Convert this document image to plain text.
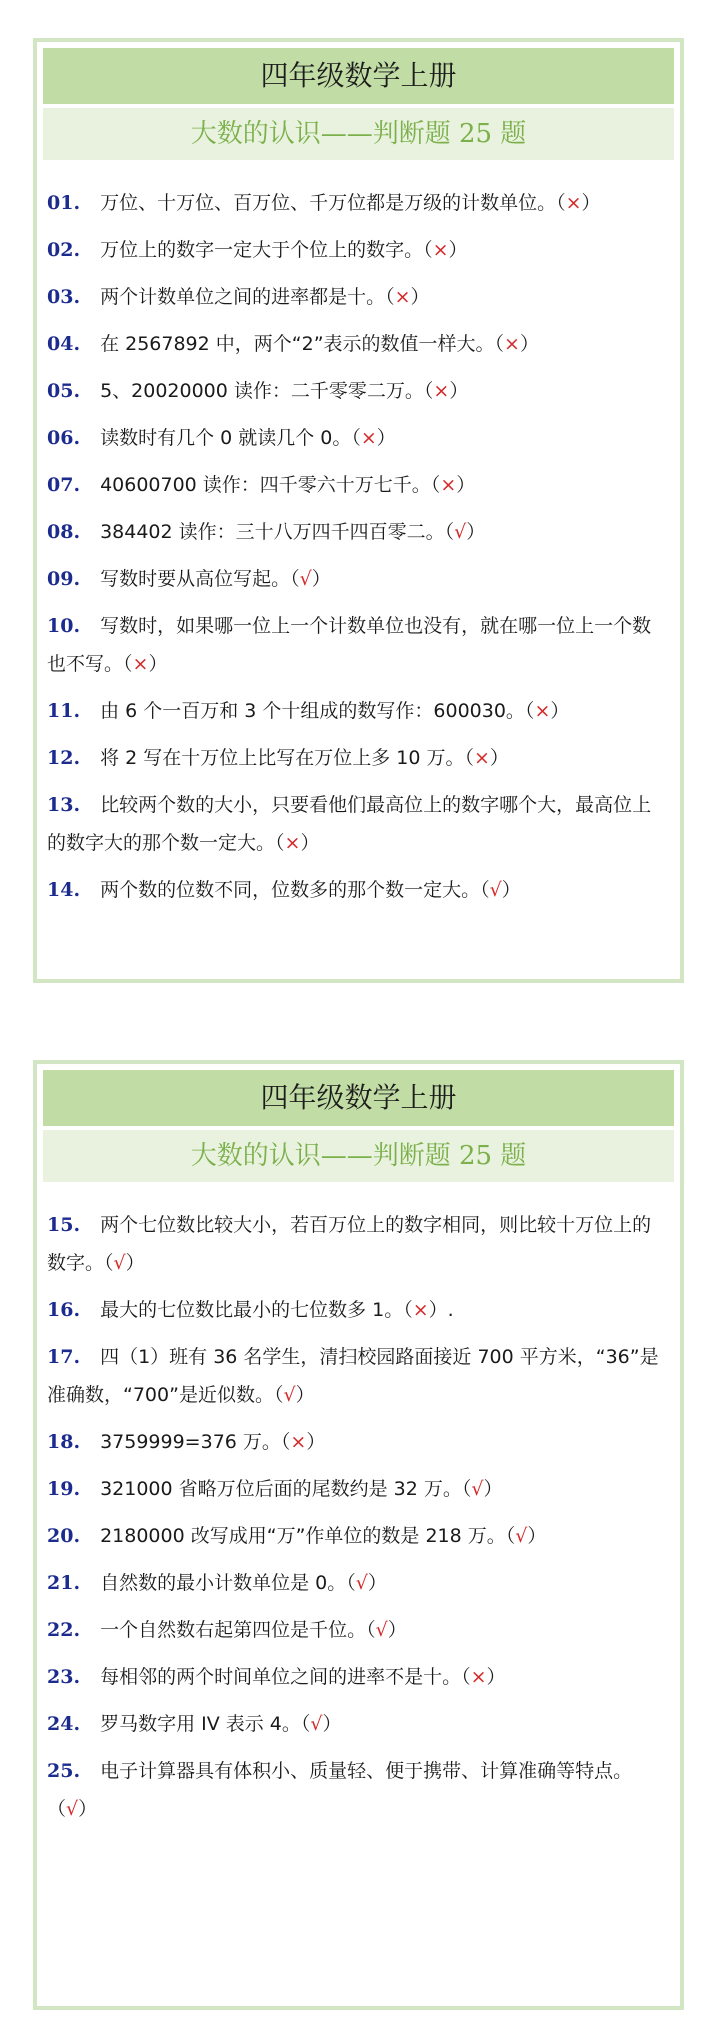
四年级数学上册
大数的认识——判断题 25 题
01. 万位、十万位、百万位、千万位都是万级的计数单位。（×）
02. 万位上的数字一定大于个位上的数字。（×）
03. 两个计数单位之间的进率都是十。（×）
04. 在 2567892 中，两个“2”表示的数值一样大。（×）
05. 5、20020000 读作：二千零零二万。（×）
06. 读数时有几个 0 就读几个 0。（×）
07. 40600700 读作：四千零六十万七千。（×）
08. 384402 读作：三十八万四千四百零二。（√）
09. 写数时要从高位写起。（√）
10. 写数时，如果哪一位上一个计数单位也没有，就在哪一位上一个数也不写。（×）
11. 由 6 个一百万和 3 个十组成的数写作：600030。（×）
12. 将 2 写在十万位上比写在万位上多 10 万。（×）
13. 比较两个数的大小，只要看他们最高位上的数字哪个大，最高位上的数字大的那个数一定大。（×）
14. 两个数的位数不同，位数多的那个数一定大。（√）
四年级数学上册
大数的认识——判断题 25 题
15. 两个七位数比较大小，若百万位上的数字相同，则比较十万位上的数字。（√）
16. 最大的七位数比最小的七位数多 1。（×）.
17. 四（1）班有 36 名学生，清扫校园路面接近 700 平方米，“36”是准确数，“700”是近似数。（√）
18. 3759999=376 万。（×）
19. 321000 省略万位后面的尾数约是 32 万。（√）
20. 2180000 改写成用“万”作单位的数是 218 万。（√）
21. 自然数的最小计数单位是 0。（√）
22. 一个自然数右起第四位是千位。（√）
23. 每相邻的两个时间单位之间的进率不是十。（×）
24. 罗马数字用 IV 表示 4。（√）
25. 电子计算器具有体积小、质量轻、便于携带、计算准确等特点。（√）
